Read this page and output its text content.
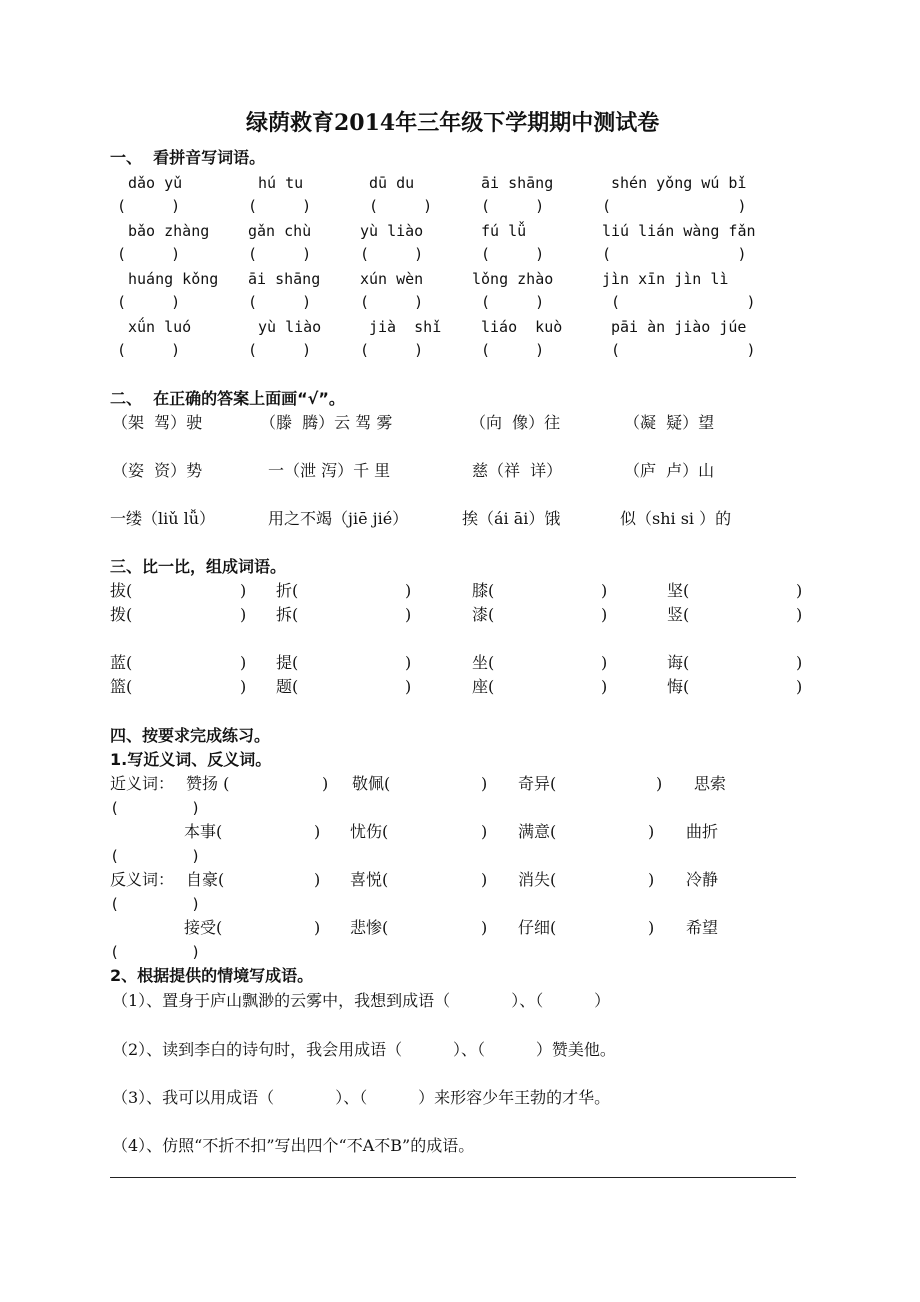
绿荫救育2014年三年级下学期期中测试卷
一、  看拼音写词语。
dǎo yǔ	hú tu	dū du	āi shāng	shén yǒng wú bǐ
(     )	(     )	(     )	(     )	(              )
bǎo zhàng	gǎn chù	yù liào	fú lǚ	liú lián wàng fǎn
(     )	(     )	(     )	(     )	(              )
huáng kǒng āi shāng	xún wèn	lǒng zhào	jìn xīn jìn lì
(     )	(     )	(     )	(     )	(              )
xǘn luó	yù liào	jià  shǐ	liáo  kuò	pāi àn jiào júe
(     )	(     )	(     )	(     )	(              )
二、  在正确的答案上面画“√”。
（架  驾）驶	（滕  腾）云 驾 雾	（向  像）往	（凝  疑）望
（姿  资）势	一（泄 泻）千 里	慈（祥  详）	（庐  卢）山
一缕（liǔ lǚ）	用之不竭（jiē jié）	挨（ái āi）饿	似（shi si ）的
三、比一比，组成词语。
拔(	) 折(	)	膝(	)	坚(	)
拨(	) 拆(	)	漆(	)	竖(	)
蓝(	) 提(	)	坐(	)	诲(	)
篮(	) 题(	)	座(	)	悔(	)
四、按要求完成练习。
1.写近义词、反义词。
近义词： 赞扬 (	) 敬佩(	) 奇异(	) 思索
(        )
本事(	) 忧伤(	) 满意(	) 曲折
(        )
反义词： 自豪(	) 喜悦(	) 消失(	) 冷静
(        )
接受(	) 悲惨(	) 仔细(	) 希望
(        )
2、根据提供的情境写成语。
（1）、置身于庐山飘渺的云雾中，我想到成语（            ）、（          ）
（2）、读到李白的诗句时，我会用成语（          ）、（          ）赞美他。
（3）、我可以用成语（            ）、（          ）来形容少年王勃的才华。
（4）、仿照“不折不扣”写出四个“不A不B”的成语。
